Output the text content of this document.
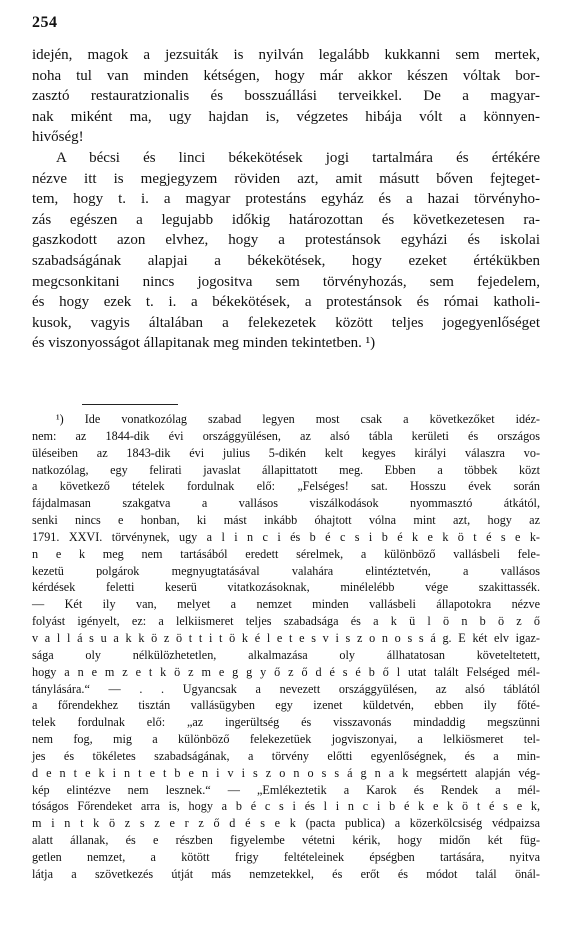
254
idején, magok a jezsuiták is nyilván legalább kukkanni sem mertek,
noha tul van minden kétségen, hogy már akkor készen vóltak bor-
zasztó restauratzionalis és bosszuállási terveikkel. De a magyar-
nak miként ma, ugy hajdan is, végzetes hibája vólt a könnyen-
hivőség!
A bécsi és linci békekötések jogi tartalmára és értékére
nézve itt is megjegyzem röviden azt, amit másutt bőven fejteget-
tem, hogy t. i. a magyar protestáns egyház és a hazai törvényho-
zás egészen a legujabb időkig határozottan és következetesen ra-
gaszkodott azon elvhez, hogy a protestánsok egyházi és iskolai
szabadságának alapjai a békekötések, hogy ezeket értékükben
megcsonkitani nincs jogositva sem törvényhozás, sem fejedelem,
és hogy ezek t. i. a békekötések, a protestánsok és római katholi-
kusok, vagyis általában a felekezetek között teljes jogegyenlőséget
és viszonyosságot állapitanak meg minden tekintetben. ¹)
¹) Ide vonatkozólag szabad legyen most csak a következőket idéz-
nem: az 1844-dik évi országgyülésen, az alsó tábla kerületi és országos
üléseiben az 1843-dik évi julius 5-dikén kelt kegyes királyi válaszra vo-
natkozólag, egy felirati javaslat állapittatott meg. Ebben a többek közt
a következő tételek fordulnak elő: „Felséges! sat. Hosszu évek során
fájdalmasan szakgatva a vallásos viszálkodások nyommasztó átkától,
senki nincs e honban, ki mást inkább óhajtott vólna mint azt, hogy az
1791. XXVI. törvénynek, ugy a l i n c i és b é c s i b é k e k ö t é s e k-
n e k meg nem tartásából eredett sérelmek, a különböző vallásbeli fele-
kezetü polgárok megnyugtatásával valahára elintéztetvén, a vallásos
kérdések feletti keserü vitatkozásoknak, minélelébb vége szakittassék.
— Két ily van, melyet a nemzet minden vallásbeli állapotokra nézve
folyást igényelt, ez: a lelkiismeret teljes szabadsága és a k ü l ö n b ö z ő
v a l l á s u a k k ö z ö t t i t ö k é l e t e s v i s z o n o s s á g. E két elv igaz-
sága oly nélkülözhetetlen, alkalmazása oly állhatatosan követeltetett,
hogy a n e m z e t k ö z m e g g y ő z ő d é s é b ő l utat talált Felséged mél-
tánylására.“ — . . Ugyancsak a nevezett országgyülésen, az alsó táblától
a főrendekhez tisztán vallásügyben egy izenet küldetvén, ebben ily főté-
telek fordulnak elő: „az ingerültség és visszavonás mindaddig megszünni
nem fog, mig a különböző felekezetüek jogviszonyai, a lelkiösmeret tel-
jes és tökéletes szabadságának, a törvény előtti egyenlőségnek, és a min-
d e n t e k i n t e t b e n i v i s z o n o s s á g n a k megsértett alapján vég-
kép elintézve nem lesznek.“ — „Emlékeztetik a Karok és Rendek a mél-
tóságos Főrendeket arra is, hogy a b é c s i és l i n c i b é k e k ö t é s e k,
m i n t k ö z s z e r z ő d é s e k (pacta publica) a közerkölcsiség védpaizsa
alatt állanak, és e részben figyelembe vétetni kérik, hogy midőn két füg-
getlen nemzet, a kötött frigy feltételeinek épségben tartására, nyitva
látja a szövetkezés útját más nemzetekkel, és erőt és módot talál önál-
